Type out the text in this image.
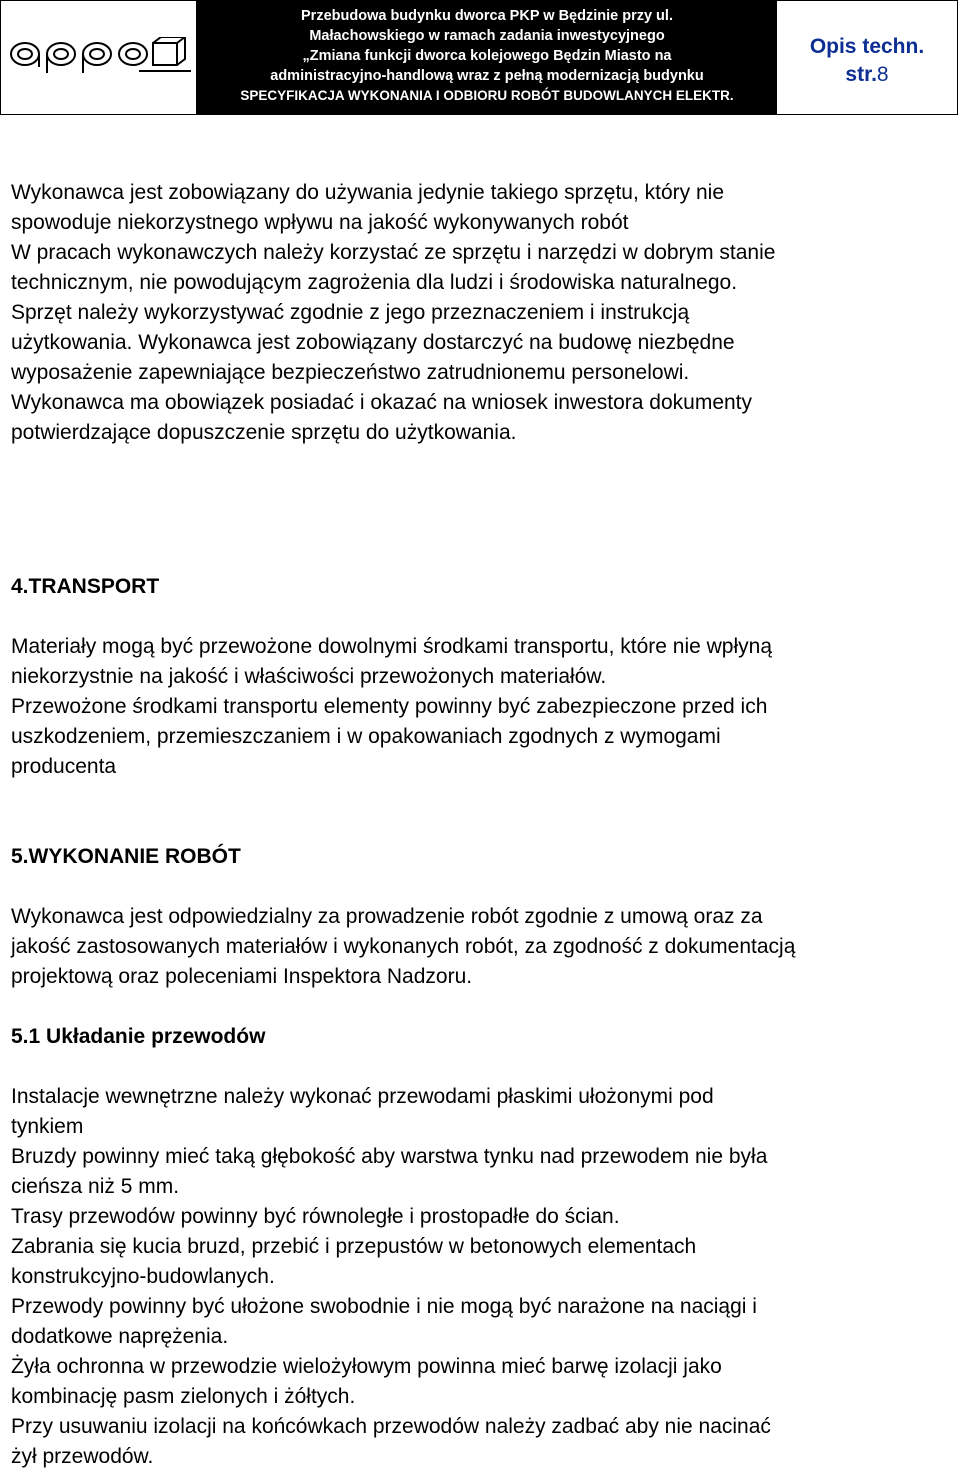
Przebudowa budynku dworca PKP w Będzinie przy ul.
Małachowskiego w ramach zadania inwestycyjnego
„Zmiana funkcji dworca kolejowego Będzin Miasto na
administracyjno-handlową wraz z pełną modernizacją budynku
SPECYFIKACJA WYKONANIA I ODBIORU ROBÓT BUDOWLANYCH ELEKTR.
Opis techn.
str.8

Wykonawca jest zobowiązany do używania jedynie takiego sprzętu, który nie

spowoduje niekorzystnego wpływu na jakość wykonywanych robót

W pracach wykonawczych należy korzystać ze sprzętu i narzędzi w dobrym stanie

technicznym, nie powodującym zagrożenia dla ludzi i środowiska naturalnego.

Sprzęt należy wykorzystywać zgodnie z jego przeznaczeniem i instrukcją

użytkowania. Wykonawca jest zobowiązany dostarczyć na budowę niezbędne

wyposażenie zapewniające bezpieczeństwo zatrudnionemu personelowi.

Wykonawca ma obowiązek posiadać i okazać na wniosek inwestora dokumenty

potwierdzające dopuszczenie sprzętu do użytkowania.

4.TRANSPORT

Materiały mogą być przewożone dowolnymi środkami transportu, które nie wpłyną

niekorzystnie na jakość i właściwości przewożonych materiałów.

Przewożone środkami transportu elementy powinny być zabezpieczone przed ich

uszkodzeniem, przemieszczaniem i w opakowaniach zgodnych z wymogami

producenta

5.WYKONANIE ROBÓT

Wykonawca jest odpowiedzialny za prowadzenie robót zgodnie z umową oraz za

jakość zastosowanych materiałów i wykonanych robót, za zgodność z dokumentacją

projektową oraz poleceniami Inspektora Nadzoru.

5.1 Układanie przewodów

Instalacje wewnętrzne należy wykonać przewodami płaskimi ułożonymi pod

tynkiem

Bruzdy powinny mieć taką głębokość aby warstwa tynku nad przewodem nie była

cieńsza niż 5 mm.

Trasy przewodów powinny być równoległe i prostopadłe do ścian.

Zabrania się kucia bruzd, przebić i przepustów w betonowych elementach

konstrukcyjno-budowlanych.

Przewody powinny być ułożone swobodnie i nie mogą być narażone na naciągi i

dodatkowe naprężenia.

Żyła ochronna w przewodzie wielożyłowym powinna mieć barwę izolacji jako

kombinację pasm zielonych i żółtych.

Przy usuwaniu izolacji na końcówkach przewodów należy zadbać aby nie nacinać

żył przewodów.
